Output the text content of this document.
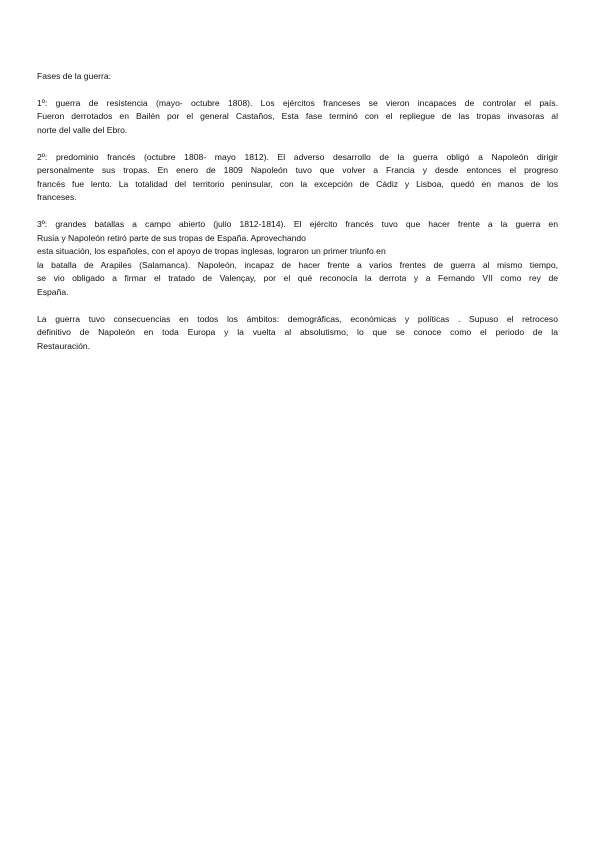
Fases de la guerra:
1º: guerra de resistencia (mayo- octubre 1808). Los ejércitos franceses se vieron incapaces de controlar el país.
Fueron derrotados en Bailén por el general Castaños, Esta fase terminó con el repliegue de las tropas invasoras al
norte del valle del Ebro.
2º: predominio francés (octubre 1808- mayo 1812). El adverso desarrollo de la guerra obligó a Napoleón dirigir
personalmente sus tropas. En enero de 1809 Napoleón tuvo que volver a Francia y desde entonces el progreso
francés fue lento. La totalidad del territorio peninsular, con la excepción de Cádiz y Lisboa, quedó en manos de los
franceses.
3º: grandes batallas a campo abierto (julio 1812-1814). El ejército francés tuvo que hacer frente a la guerra en
Rusia y Napoleón retiró parte de sus tropas de España. Aprovechando
esta situación, los españoles, con el apoyo de tropas inglesas, lograron un primer triunfo en
la batalla de Arapiles (Salamanca). Napoleón, incapaz de hacer frente a varios frentes de guerra al mismo tiempo,
se vio obligado a firmar el tratado de Valençay, por el qué reconocía la derrota y a Fernando VII como rey de
España.
La guerra tuvo consecuencias en todos los ámbitos: demográficas, económicas y políticas . Supuso el retroceso
definitivo de Napoleón en toda Europa y la vuelta al absolutismo, lo que se conoce como el periodo de la
Restauración.
